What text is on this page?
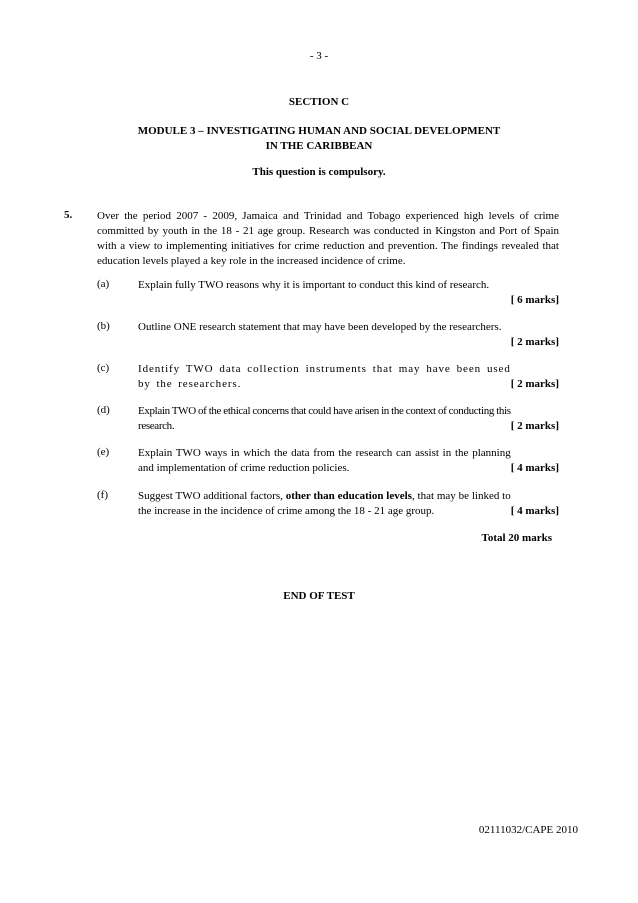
- 3 -
SECTION C
MODULE 3 – INVESTIGATING HUMAN AND SOCIAL DEVELOPMENT
IN THE CARIBBEAN
This question is compulsory.
5. Over the period 2007 - 2009, Jamaica and Trinidad and Tobago experienced high levels of crime committed by youth in the 18 - 21 age group. Research was conducted in Kingston and Port of Spain with a view to implementing initiatives for crime reduction and prevention. The findings revealed that education levels played a key role in the increased incidence of crime.
(a)	Explain fully TWO reasons why it is important to conduct this kind of research.
[ 6 marks]
(b)	Outline ONE research statement that may have been developed by the researchers.
[ 2 marks]
(c)
[ 2 marks]
Identify TWO data collection instruments that may have been used by the researchers.
(d)
[ 2 marks]
Explain TWO of the ethical concerns that could have arisen in the context of conducting this research.
(e)
[ 4 marks]
Explain TWO ways in which the data from the research can assist in the planning and implementation of crime reduction policies.
(f)
[ 4 marks]
Suggest TWO additional factors, other than education levels, that may be linked to the increase in the incidence of crime among the 18 - 21 age group.
Total 20 marks
END OF TEST
02111032/CAPE 2010
